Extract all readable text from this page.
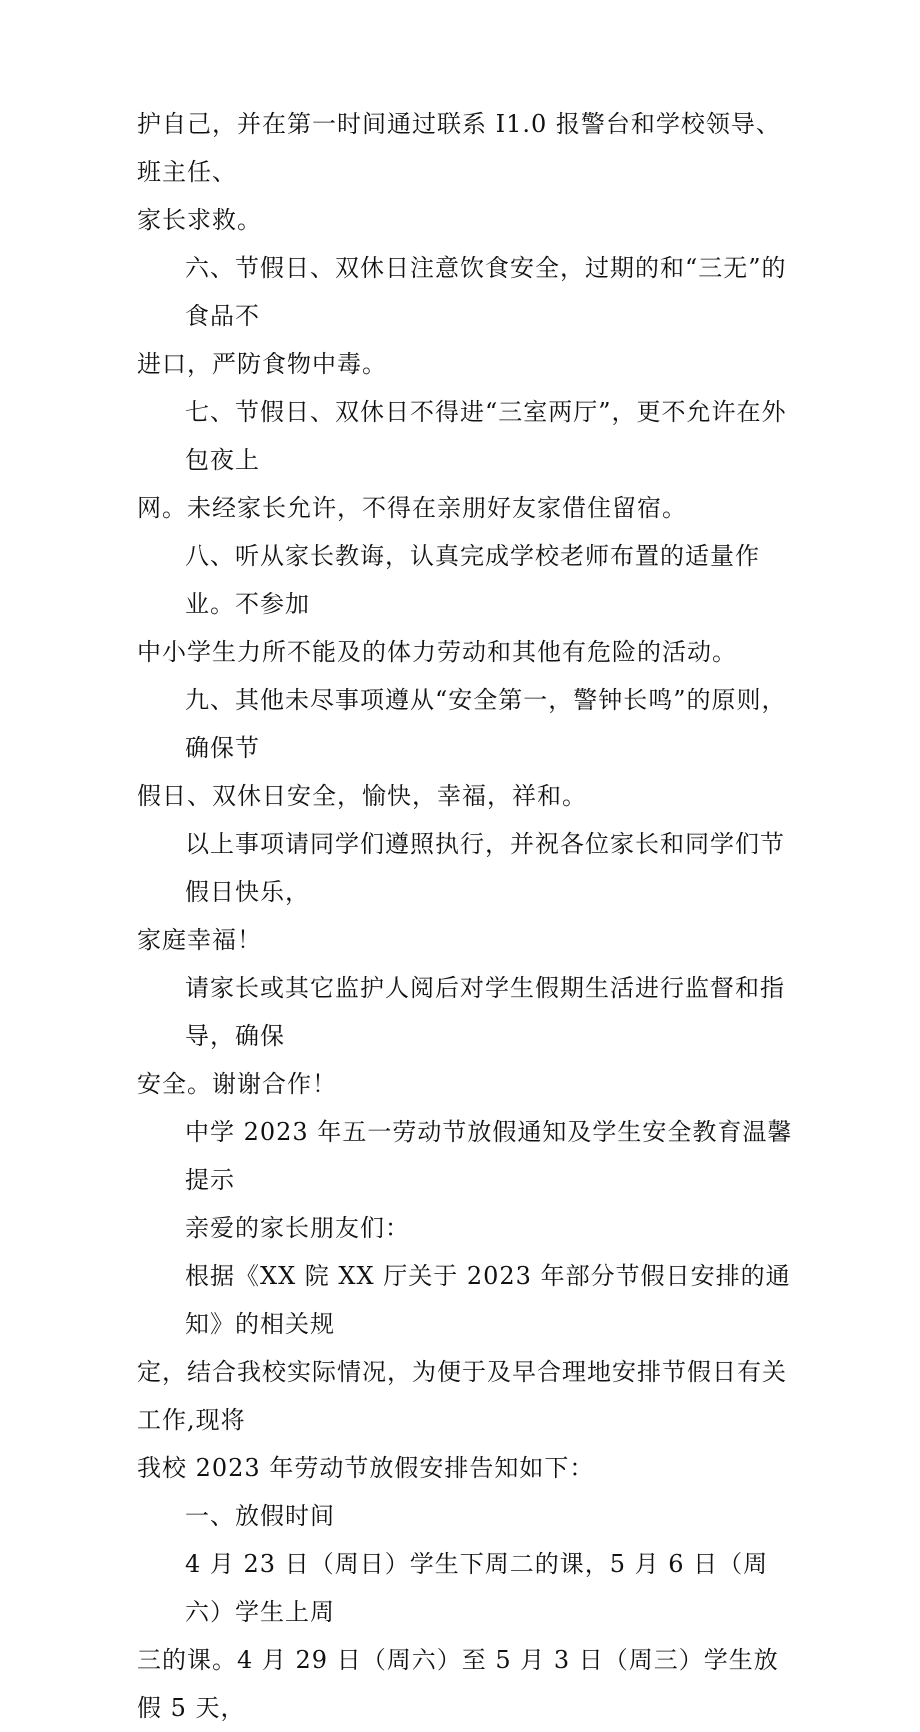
护自己，并在第一时间通过联系 I1.0 报警台和学校领导、班主任、
家长求救。

六、节假日、双休日注意饮食安全，过期的和“三无”的食品不
进口，严防食物中毒。

七、节假日、双休日不得进“三室两厅”，更不允许在外包夜上
网。未经家长允许，不得在亲朋好友家借住留宿。

八、听从家长教诲，认真完成学校老师布置的适量作业。不参加
中小学生力所不能及的体力劳动和其他有危险的活动。

九、其他未尽事项遵从“安全第一，警钟长鸣”的原则，确保节
假日、双休日安全，愉快，幸福，祥和。

以上事项请同学们遵照执行，并祝各位家长和同学们节假日快乐，
家庭幸福！

请家长或其它监护人阅后对学生假期生活进行监督和指导，确保
安全。谢谢合作！

中学 2023 年五一劳动节放假通知及学生安全教育温馨提示

亲爱的家长朋友们：

根据《XX 院 XX 厅关于 2023 年部分节假日安排的通知》的相关规
定，结合我校实际情况，为便于及早合理地安排节假日有关工作,现将
我校 2023 年劳动节放假安排告知如下：

一、放假时间

4 月 23 日（周日）学生下周二的课，5 月 6 日（周六）学生上周
三的课。4 月 29 日（周六）至 5 月 3 日（周三）学生放假 5 天，
